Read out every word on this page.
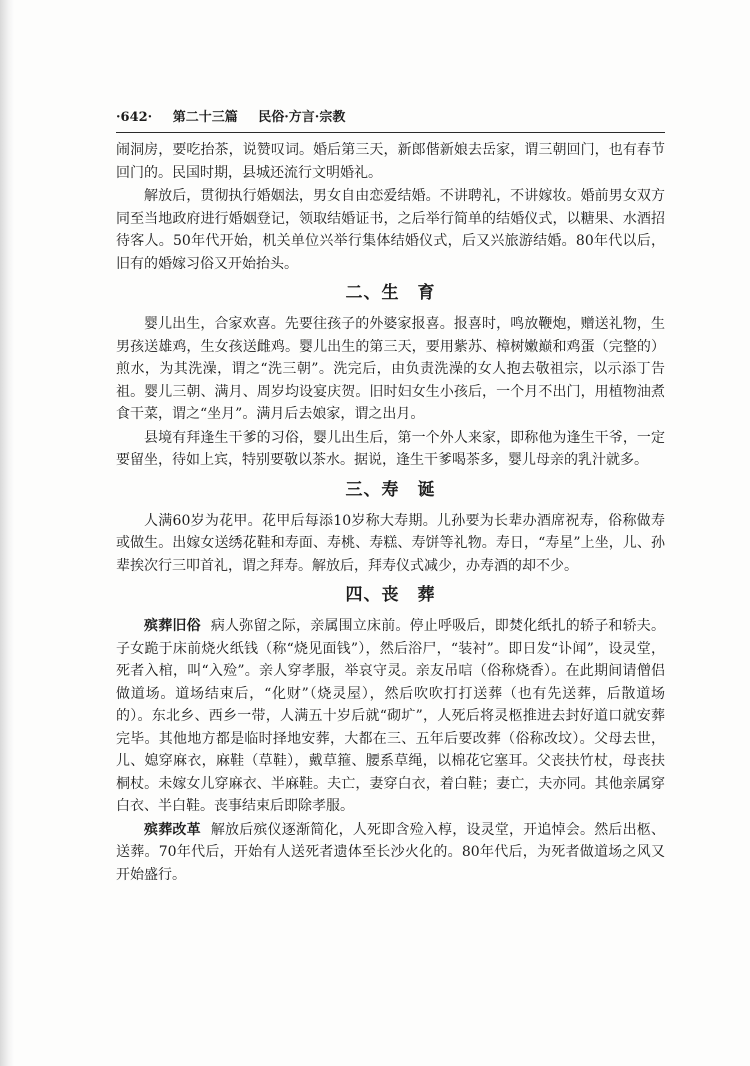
·642· 第二十三篇 民俗·方言·宗教

闹洞房，要吃抬茶，说赞叹词。婚后第三天，新郎偕新娘去岳家，谓三朝回门，也有春节回门的。民国时期，县城还流行文明婚礼。

解放后，贯彻执行婚姻法，男女自由恋爱结婚。不讲聘礼，不讲嫁妆。婚前男女双方同至当地政府进行婚姻登记，领取结婚证书，之后举行简单的结婚仪式，以糖果、水酒招待客人。50年代开始，机关单位兴举行集体结婚仪式，后又兴旅游结婚。80年代以后，旧有的婚嫁习俗又开始抬头。

二、生　育

婴儿出生，合家欢喜。先要往孩子的外婆家报喜。报喜时，鸣放鞭炮，赠送礼物，生男孩送雄鸡，生女孩送雌鸡。婴儿出生的第三天，要用紫苏、樟树嫩巅和鸡蛋（完整的）煎水，为其洗澡，谓之“洗三朝”。洗完后，由负责洗澡的女人抱去敬祖宗，以示添丁告祖。婴儿三朝、满月、周岁均设宴庆贺。旧时妇女生小孩后，一个月不出门，用植物油煮食干菜，谓之“坐月”。满月后去娘家，谓之出月。

县境有拜逢生干爹的习俗，婴儿出生后，第一个外人来家，即称他为逢生干爷，一定要留坐，待如上宾，特别要敬以茶水。据说，逢生干爹喝茶多，婴儿母亲的乳汁就多。

三、寿　诞

人满60岁为花甲。花甲后每添10岁称大寿期。儿孙要为长辈办酒席祝寿，俗称做寿或做生。出嫁女送绣花鞋和寿面、寿桃、寿糕、寿饼等礼物。寿日，“寿星”上坐，儿、孙辈挨次行三叩首礼，谓之拜寿。解放后，拜寿仪式减少，办寿酒的却不少。

四、丧　葬

殡葬旧俗 病人弥留之际，亲属围立床前。停止呼吸后，即焚化纸扎的轿子和轿夫。子女跪于床前烧火纸钱（称“烧见面钱”），然后浴尸，“装衬”。即日发“讣闻”，设灵堂，死者入棺，叫“入殓”。亲人穿孝服，举哀守灵。亲友吊唁（俗称烧香）。在此期间请僧侣做道场。道场结束后，“化财”（烧灵屋），然后吹吹打打送葬（也有先送葬，后散道场的）。东北乡、西乡一带，人满五十岁后就“砌圹”，人死后将灵柩推进去封好道口就安葬完毕。其他地方都是临时择地安葬，大都在三、五年后要改葬（俗称改坟）。父母去世，儿、媳穿麻衣，麻鞋（草鞋），戴草箍、腰系草绳，以棉花它塞耳。父丧扶竹杖，母丧扶桐杖。未嫁女儿穿麻衣、半麻鞋。夫亡，妻穿白衣，着白鞋；妻亡，夫亦同。其他亲属穿白衣、半白鞋。丧事结束后即除孝服。

殡葬改革 解放后殡仪逐渐简化，人死即含殓入椁，设灵堂，开追悼会。然后出柩、送葬。70年代后，开始有人送死者遗体至长沙火化的。80年代后，为死者做道场之风又开始盛行。
